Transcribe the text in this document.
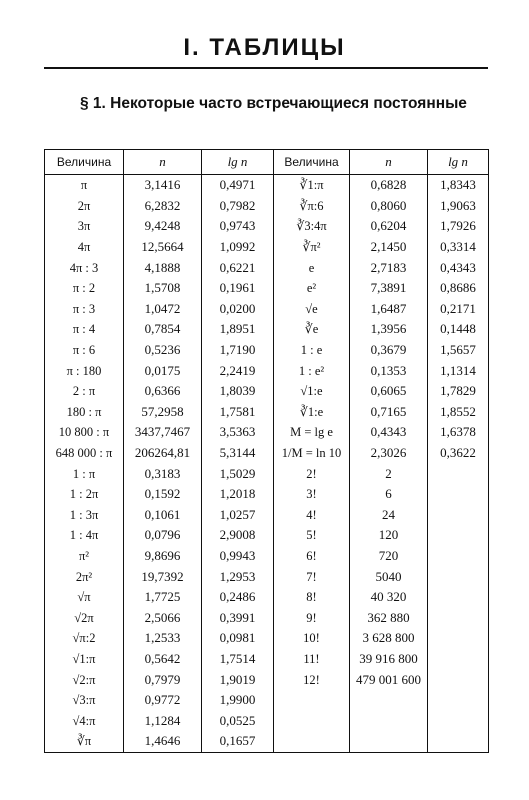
I. ТАБЛИЦЫ
§ 1. Некоторые часто встречающиеся постоянные
Величина	n	lg n	Величина	n	lg n
π	3,1416	0,4971	∛1:π	0,6828	1,8343
2π	6,2832	0,7982	∛π:6	0,8060	1,9063
3π	9,4248	0,9743	∛3:4π	0,6204	1,7926
4π	12,5664	1,0992	∛π²	2,1450	0,3314
4π : 3	4,1888	0,6221	e	2,7183	0,4343
π : 2	1,5708	0,1961	e²	7,3891	0,8686
π : 3	1,0472	0,0200	√e	1,6487	0,2171
π : 4	0,7854	1,8951	∛e	1,3956	0,1448
π : 6	0,5236	1,7190	1 : e	0,3679	1,5657
π : 180	0,0175	2,2419	1 : e²	0,1353	1,1314
2 : π	0,6366	1,8039	√1:e	0,6065	1,7829
180 : π	57,2958	1,7581	∛1:e	0,7165	1,8552
10 800 : π	3437,7467	3,5363	M = lg e	0,4343	1,6378
648 000 : π	206264,81	5,3144	1/M = ln 10	2,3026	0,3622
1 : π	0,3183	1,5029	2!	2	
1 : 2π	0,1592	1,2018	3!	6	
1 : 3π	0,1061	1,0257	4!	24	
1 : 4π	0,0796	2,9008	5!	120	
π²	9,8696	0,9943	6!	720	
2π²	19,7392	1,2953	7!	5040	
√π	1,7725	0,2486	8!	40 320	
√2π	2,5066	0,3991	9!	362 880	
√π:2	1,2533	0,0981	10!	3 628 800	
√1:π	0,5642	1,7514	11!	39 916 800	
√2:π	0,7979	1,9019	12!	479 001 600	
√3:π	0,9772	1,9900			
√4:π	1,1284	0,0525			
∛π	1,4646	0,1657			
